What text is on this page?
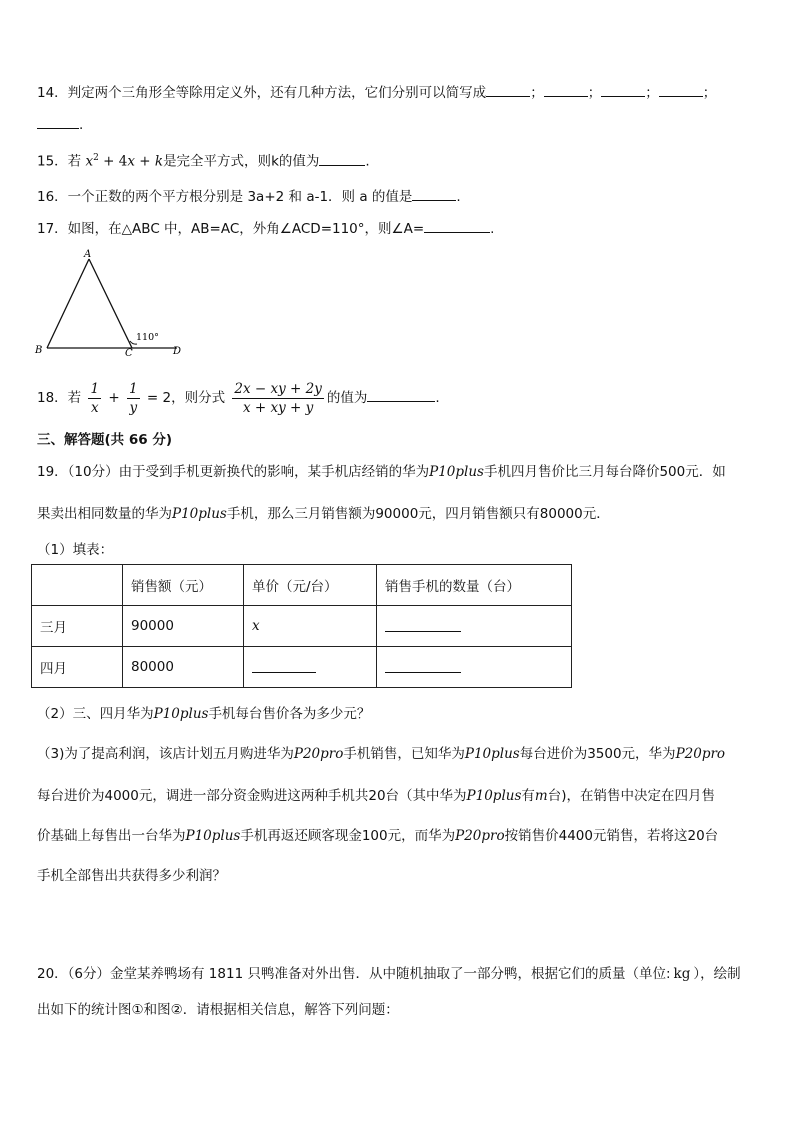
14．判定两个三角形全等除用定义外，还有几种方法，它们分别可以简写成	；	；	；	；
.
15．若 $x^2 + 4x + k$是完全平方式，则k的值为	.
16．一个正数的两个平方根分别是 3a+2 和 a-1．则 a 的值是	.
17．如图，在△ABC 中，AB=AC，外角∠ACD=110°，则∠A=	.
A
B	C	D
110°
18．若 $\frac{1}{x} + \frac{1}{y} = 2$，则分式 $\frac{2x - xy + 2y}{x + xy + y}$ 的值为	.
三、解答题(共 66 分)
19．（10分）由于受到手机更新换代的影响，某手机店经销的华为P10plus手机四月售价比三月每台降价500元．如
果卖出相同数量的华为P10plus手机，那么三月销售额为90000元，四月销售额只有80000元．
（1）填表：
	销售额（元）	单价（元/台）	销售手机的数量（台）
三月	90000	x	
四月	80000		
（2）三、四月华为P10plus手机每台售价各为多少元？
（3)为了提高利润，该店计划五月购进华为P20pro手机销售，已知华为P10plus每台进价为3500元，华为P20pro
每台进价为4000元，调进一部分资金购进这两种手机共20台（其中华为P10plus有m台)，在销售中决定在四月售
价基础上每售出一台华为P10plus手机再返还顾客现金100元，而华为P20pro按销售价4400元销售，若将这20台
手机全部售出共获得多少利润？
20．（6分）金堂某养鸭场有 1811 只鸭准备对外出售．从中随机抽取了一部分鸭，根据它们的质量（单位: kg ），绘制
出如下的统计图①和图②．请根据相关信息，解答下列问题：
